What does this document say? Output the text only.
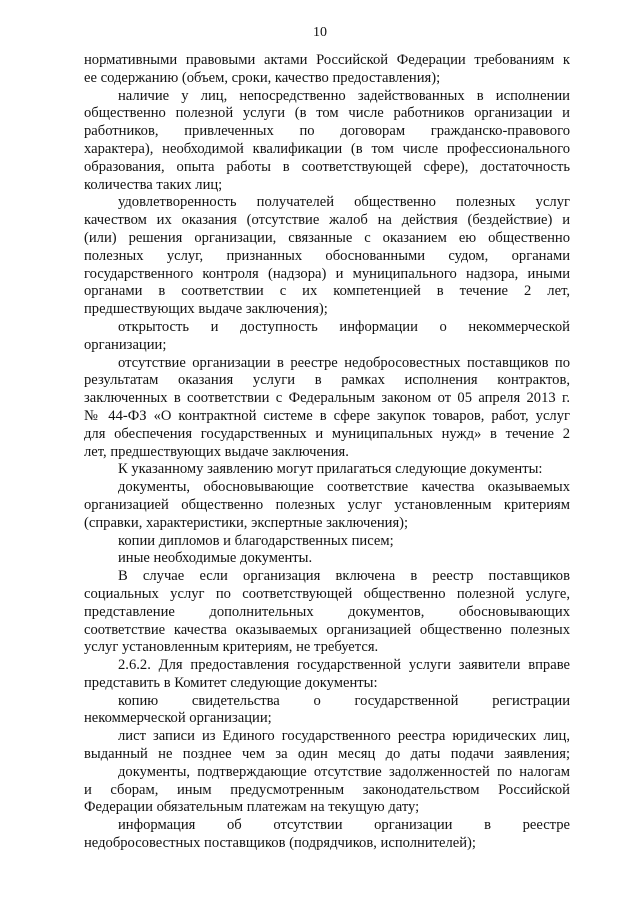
10
нормативными правовыми актами Российской Федерации требованиям к
ее содержанию (объем, сроки, качество предоставления);
наличие у лиц, непосредственно задействованных в исполнении
общественно полезной услуги (в том числе работников организации и
работников, привлеченных по договорам гражданско-правового
характера), необходимой квалификации (в том числе профессионального
образования, опыта работы в соответствующей сфере), достаточность
количества таких лиц;
удовлетворенность получателей общественно полезных услуг
качеством их оказания (отсутствие жалоб на действия (бездействие) и
(или) решения организации, связанные с оказанием ею общественно
полезных услуг, признанных обоснованными судом, органами
государственного контроля (надзора) и муниципального надзора, иными
органами в соответствии с их компетенцией в течение 2 лет,
предшествующих выдаче заключения);
открытость и доступность информации о некоммерческой
организации;
отсутствие организации в реестре недобросовестных поставщиков по
результатам оказания услуги в рамках исполнения контрактов,
заключенных в соответствии с Федеральным законом от 05 апреля 2013 г.
№ 44-ФЗ «О контрактной системе в сфере закупок товаров, работ, услуг
для обеспечения государственных и муниципальных нужд» в течение 2
лет, предшествующих выдаче заключения.
К указанному заявлению могут прилагаться следующие документы:
документы, обосновывающие соответствие качества оказываемых
организацией общественно полезных услуг установленным критериям
(справки, характеристики, экспертные заключения);
копии дипломов и благодарственных писем;
иные необходимые документы.
В случае если организация включена в реестр поставщиков
социальных услуг по соответствующей общественно полезной услуге,
представление дополнительных документов, обосновывающих
соответствие качества оказываемых организацией общественно полезных
услуг установленным критериям, не требуется.
2.6.2. Для предоставления государственной услуги заявители вправе
представить в Комитет следующие документы:
копию свидетельства о государственной регистрации
некоммерческой организации;
лист записи из Единого государственного реестра юридических лиц,
выданный не позднее чем за один месяц до даты подачи заявления;
документы, подтверждающие отсутствие задолженностей по налогам
и сборам, иным предусмотренным законодательством Российской
Федерации обязательным платежам на текущую дату;
информация об отсутствии организации в реестре
недобросовестных поставщиков (подрядчиков, исполнителей);
